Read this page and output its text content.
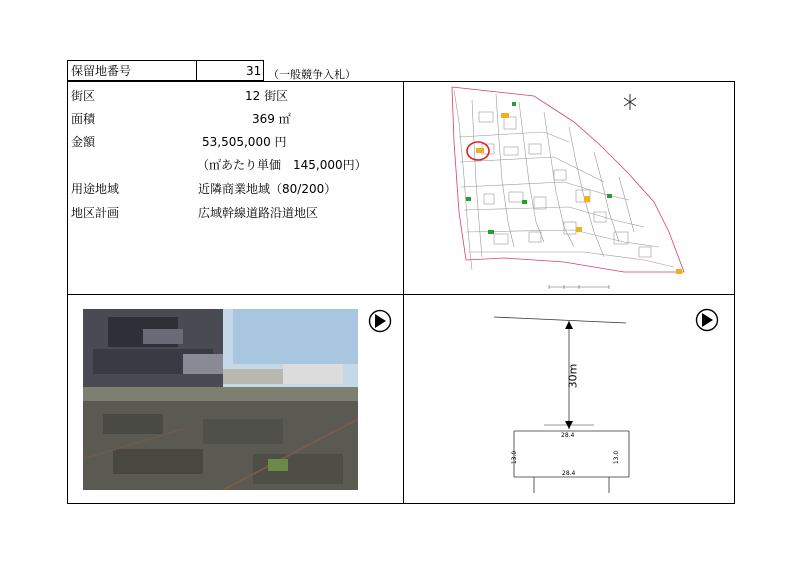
保留地番号	31 （一般競争入札）
街区	12 街区
面積	369 ㎡
金額	53,505,000 円
（㎡あたり単価　145,000円）
用途地域	近隣商業地域（80/200）
地区計画	広域幹線道路沿道地区
30m
28.4
28.4
13.0	13.0
